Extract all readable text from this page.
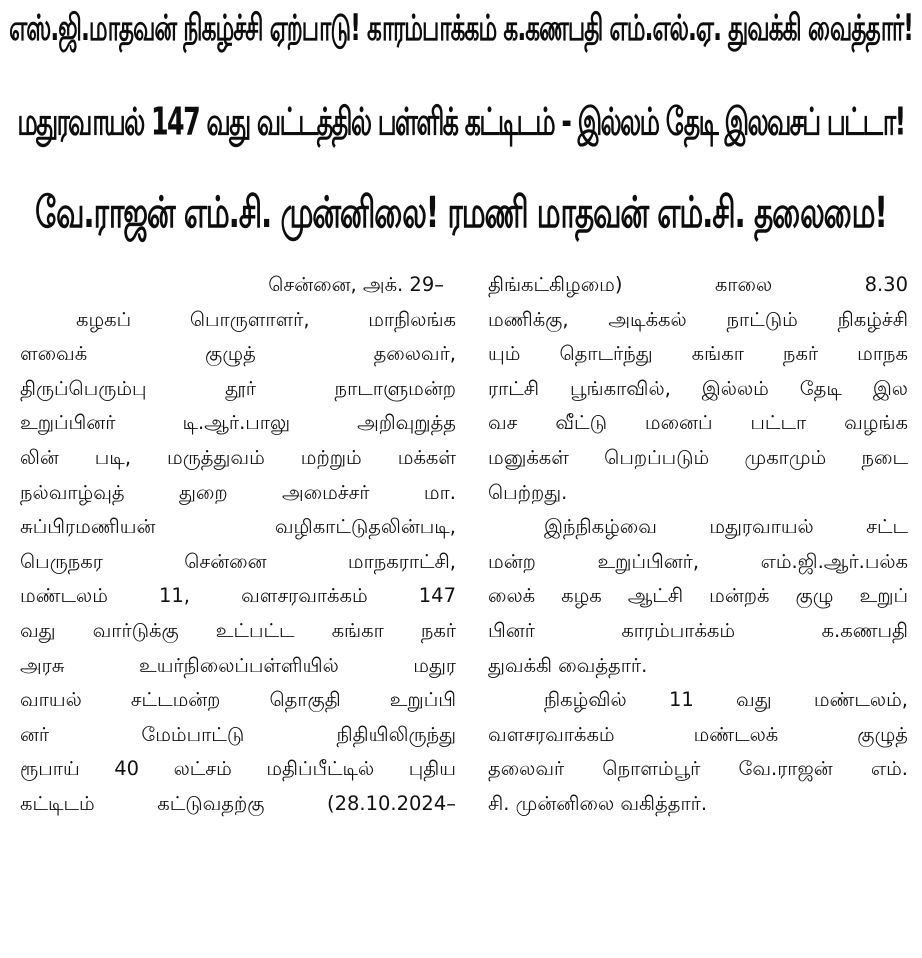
எஸ்.ஜி.மாதவன் நிகழ்ச்சி ஏற்பாடு! காரம்பாக்கம் க.கணபதி எம்.எல்.ஏ. துவக்கி வைத்தார்!
மதுரவாயல் 147 வது வட்டத்தில் பள்ளிக் கட்டிடம் - இல்லம் தேடி இலவசப் பட்டா!
வே.ராஜன் எம்.சி. முன்னிலை! ரமணி மாதவன் எம்.சி. தலைமை!
சென்னை, அக். 29–
கழகப் பொருளாளர், மாநிலங்க
ளவைக் குழுத் தலைவர்,
திருப்பெரும்பு தூர் நாடாளுமன்ற
உறுப்பினர் டி.ஆர்.பாலு அறிவுறுத்த
லின் படி, மருத்துவம் மற்றும் மக்கள்
நல்வாழ்வுத் துறை அமைச்சர் மா.
சுப்பிரமணியன் வழிகாட்டுதலின்படி,
பெருநகர சென்னை மாநகராட்சி,
மண்டலம் 11, வளசரவாக்கம் 147
வது வார்டுக்கு உட்பட்ட கங்கா நகர்
அரசு உயர்நிலைப்பள்ளியில் மதுர
வாயல் சட்டமன்ற தொகுதி உறுப்பி
னர் மேம்பாட்டு நிதியிலிருந்து
ரூபாய் 40 லட்சம் மதிப்பீட்டில் புதிய
கட்டிடம் கட்டுவதற்கு (28.10.2024–
திங்கட்கிழமை) காலை 8.30
மணிக்கு, அடிக்கல் நாட்டும் நிகழ்ச்சி
யும் தொடர்ந்து கங்கா நகர் மாநக
ராட்சி பூங்காவில், இல்லம் தேடி இல
வச வீட்டு மனைப் பட்டா வழங்க
மனுக்கள் பெறப்படும் முகாமும் நடை
பெற்றது.
இந்நிகழ்வை மதுரவாயல் சட்ட
மன்ற உறுப்பினர், எம்.ஜி.ஆர்.பல்க
லைக் கழக ஆட்சி மன்றக் குழு உறுப்
பினர் காரம்பாக்கம் க.கணபதி
துவக்கி வைத்தார்.
நிகழ்வில் 11 வது மண்டலம்,
வளசரவாக்கம் மண்டலக் குழுத்
தலைவர் நொளம்பூர் வே.ராஜன் எம்.
சி. முன்னிலை வகித்தார்.
